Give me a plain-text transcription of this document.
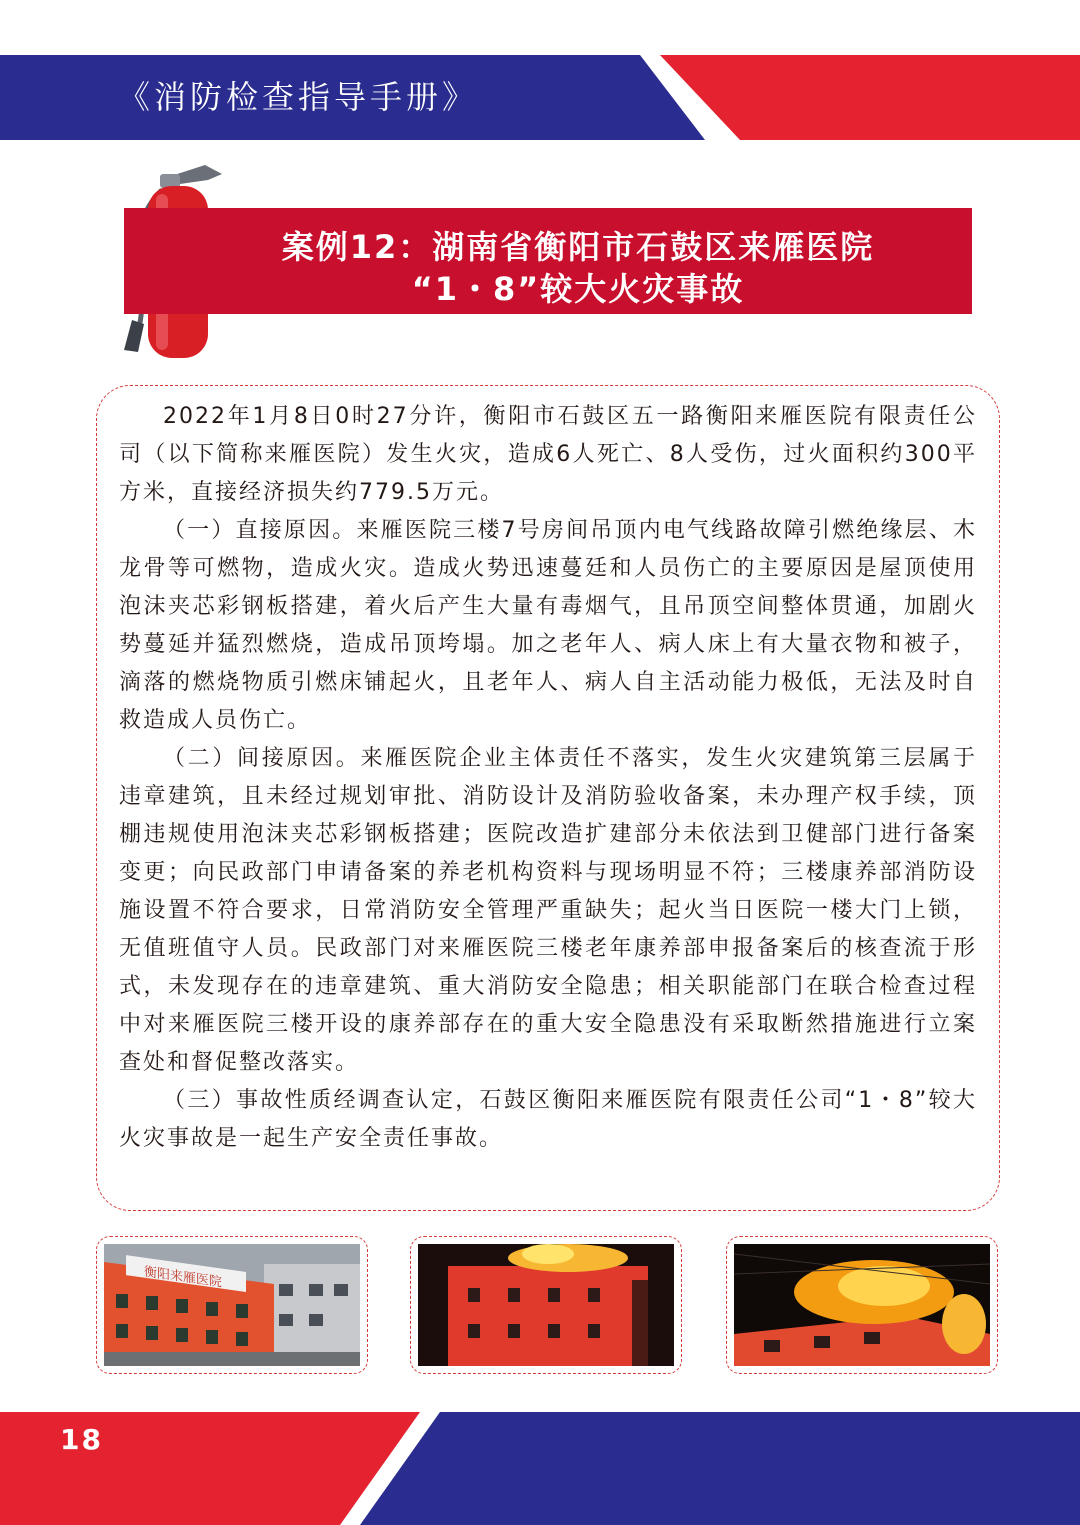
《消防检查指导手册》
案例12：湖南省衡阳市石鼓区来雁医院
“1・8”较大火灾事故

2022年1月8日0时27分许，衡阳市石鼓区五一路衡阳来雁医院有限责任公司（以下简称来雁医院）发生火灾，造成6人死亡、8人受伤，过火面积约300平方米，直接经济损失约779.5万元。

（一）直接原因。来雁医院三楼7号房间吊顶内电气线路故障引燃绝缘层、木龙骨等可燃物，造成火灾。造成火势迅速蔓廷和人员伤亡的主要原因是屋顶使用泡沫夹芯彩钢板搭建，着火后产生大量有毒烟气，且吊顶空间整体贯通，加剧火势蔓延并猛烈燃烧，造成吊顶垮塌。加之老年人、病人床上有大量衣物和被子，滴落的燃烧物质引燃床铺起火，且老年人、病人自主活动能力极低，无法及时自救造成人员伤亡。

（二）间接原因。来雁医院企业主体责任不落实，发生火灾建筑第三层属于违章建筑，且未经过规划审批、消防设计及消防验收备案，未办理产权手续，顶棚违规使用泡沫夹芯彩钢板搭建；医院改造扩建部分未依法到卫健部门进行备案变更；向民政部门申请备案的养老机构资料与现场明显不符；三楼康养部消防设施设置不符合要求，日常消防安全管理严重缺失；起火当日医院一楼大门上锁，无值班值守人员。民政部门对来雁医院三楼老年康养部申报备案后的核查流于形式，未发现存在的违章建筑、重大消防安全隐患；相关职能部门在联合检查过程中对来雁医院三楼开设的康养部存在的重大安全隐患没有采取断然措施进行立案查处和督促整改落实。

（三）事故性质经调查认定，石鼓区衡阳来雁医院有限责任公司“1・8”较大火灾事故是一起生产安全责任事故。

衡阳来雁医院
18
